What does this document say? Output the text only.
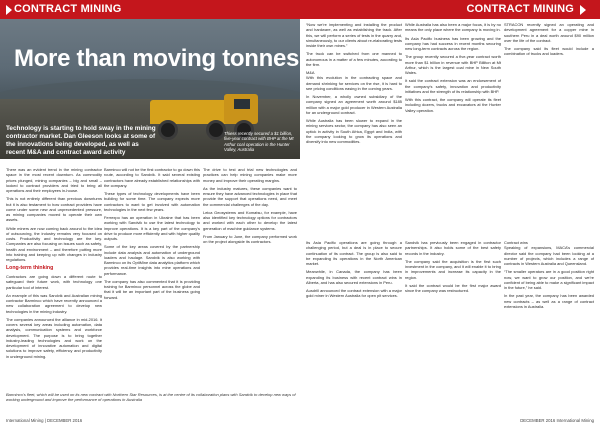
CONTRACT MINING
More than moving tonnes
Technology is starting to hold sway in the mining contractor market. Dan Gleeson looks at some of the innovations being developed, as well as recent M&A and contract award activity
Thiess recently secured a $1 billion, five-year contract with BHP at the Mt Arthur coal operation in the Hunter Valley, Australia

There was an evident trend in the mining contractor space in the most recent downturn. As commodity prices plunged, mining companies – big and small – looked to contract providers and tried to bring all operations and their employees in-house.

This is not entirely different than previous downturns but it is also testament to how contract providers have come under some new and unprecedented pressure, as mining companies moved to operate their own assets.

While miners are now coming back around to the idea of outsourcing, the industry remains very focused on costs. Productivity and technology are the key. Companies are also focusing on issues such as safety, health and environment – and therefore putting more into training and keeping up with changes in industry regulations.

Long-term thinking

Contractors are going down a different route to safeguard their future work, with technology one particular tool of interest.

An example of this was Sandvik and Australian mining contractor Barminco which have recently announced a new collaboration agreement to develop new technologies in the mining industry.

The companies announced the alliance in mid-2016. It covers several key areas including automation, data analysis, communication systems and workforce development. The purpose is to bring together industry-leading technologies and work on the development of innovative automation and digital solutions to improve safety, efficiency and productivity in underground mining.

Barminco will not be the first contractor to go down this route, according to Sandvik. It said several existing contractors have already established relationships with the company.

These types of technology developments have been building for some time. The company expects more contractors to want to get involved with automation technologies in the next few years.

Ferrexpo has an operation in Ukraine that has been working with Sandvik to use the latest technology to improve operations. It is a key part of the company’s drive to produce more efficiently and with higher quality outputs.

Some of the key areas covered by the partnership include data analysis and automation of underground loaders and haulage. Sandvik is also working with Barminco on its OptiMine data analytics platform which provides real-time insights into mine operations and performance.

The company has also commented that it is providing training for Barminco personnel across the globe and that it will be an important part of the business going forward.

The drive to test and trial new technologies and practices can help mining companies make more money and improve their operating margins.

As the industry matures, these companies want to ensure they have advanced technologies in place that provide the support that operations need, and meet the commercial challenges of the day.

Leica Geosystems and Komatsu, for example, have also identified key technology options for contractors and worked with each other to develop the latest generation of machine guidance systems.

From January to June, the company performed work on the project alongside its contractors.

International Mining | DECEMBER 2016
CONTRACT MINING

“Now we’re implementing and installing the product and hardware, as well as establishing the track. After this, we will perform a series of tests in the quarry and, simultaneously, to our clients about re-elaborating tests inside their own mines.”

The truck can be switched from one manned to autonomous in a matter of a few minutes, according to the firm.

M&A

With this evolution in the contracting space and demand shrinking for services on the rise, it is hard to see pricing conditions easing in the coming years.

In November, a wholly owned subsidiary of the company signed an agreement worth around $185 million with a major gold producer in Western Australia for an underground contract.

While Australia has been slower to expand in the mining services sector, the company has also seen an uptick in activity in South Africa, Egypt and India, with the company looking to grow its operations and diversify into new commodities.

While Australia has also been a major focus, it is by no means the only place where the company is moving in.

Its Asia Pacific business has been growing and the company has had success in recent months securing new long-term contracts across the region.

The group recently secured a five-year contract worth more than $1 billion in revenue with BHP Billiton at Mt Arthur, which is the largest coal mine in New South Wales.

It said the contract extension was an endorsement of the company’s safety, innovation and productivity initiatives and the strength of its relationship with BHP.

With this contract, the company will operate its fleet including dozers, trucks and excavators at the Hunter Valley operation.

STRACON recently signed an operating and development agreement for a copper mine in southern Peru in a deal worth around $90 million over the life of the contract.

The company said its fleet would include a combination of trucks and loaders.

Its Asia Pacific operations are going through a challenging period, but a deal is in place to secure continuation of its contract. The group is also said to be expanding its operations in the North American market.

Meanwhile, in Canada, the company has been expanding its business with recent contract wins in Alberta, and has also secured extensions in Peru.

Ausdrill announced the contract extension with a major gold miner in Western Australia for open pit services.

Sandvik has previously been engaged in contractor partnerships. It also holds some of the best safety records in the industry.

The company said the acquisition is the first such investment in the company, and it will enable it to bring in improvements and increase its capacity in the region.

It said the contract would be the first major award since the company was restructured.

Contract wins

Speaking of expansions, MACA’s commercial director said the company had been looking at a number of projects, which includes a range of contracts in Western Australia and Queensland.

“The smaller operators are in a good position right now, we want to grow our position, and we’re confident of being able to make a significant impact in the future,” he said.

In the past year, the company has been awarded new contracts – as well as a range of contract extensions in Australia.

DECEMBER 2016 International Mining
Barminco’s fleet, which will be used on its new contract with Northern Star Resources, is at the centre of its collaboration plans with Sandvik to develop new ways of working underground and improve the performance of operations in Australia
